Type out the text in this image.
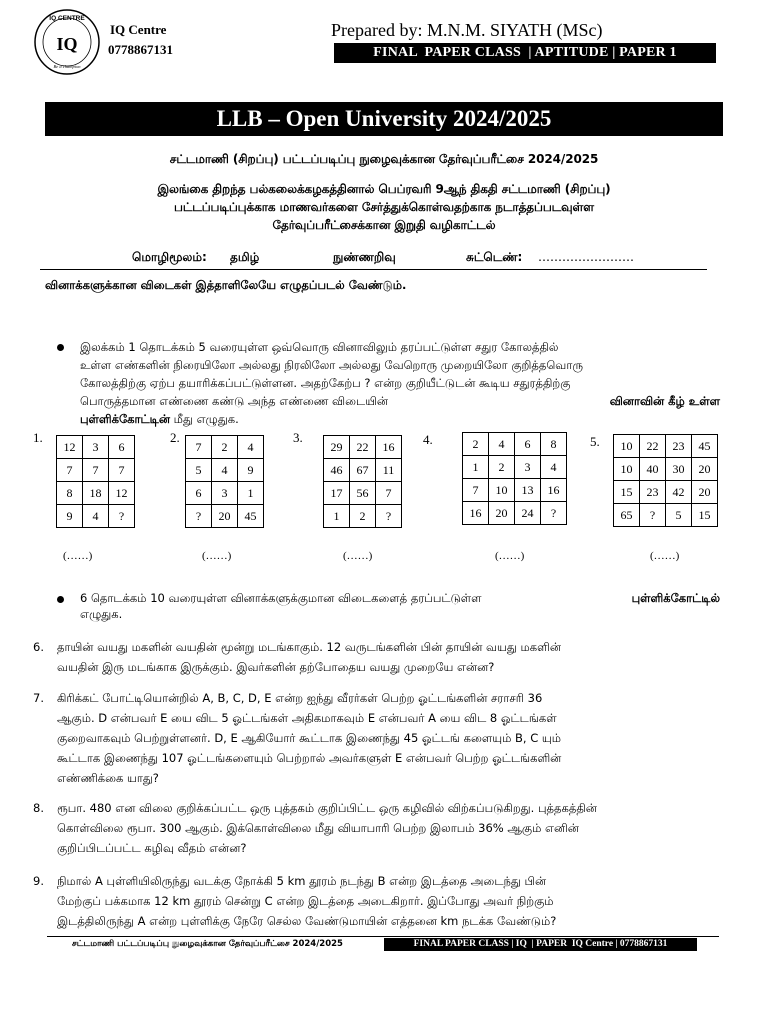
IQ CENTRE
IQ
Be a champion
IQ Centre
0778867131
Prepared by: M.N.M. SIYATH (MSc)
FINAL  PAPER CLASS  | APTITUDE | PAPER 1
LLB – Open University 2024/2025
சட்டமாணி (சிறப்பு) பட்டப்படிப்பு நுழைவுக்கான தேர்வுப்பரீட்சை 2024/2025
இலங்கை திறந்த பல்கலைக்கழகத்தினால் பெப்ரவரி 9ஆந் திகதி சட்டமாணி (சிறப்பு)
பட்டப்படிப்புக்காக மாணவர்களை சேர்த்துக்கொள்வதற்காக நடாத்தப்படவுள்ள
தேர்வுப்பரீட்சைக்கான இறுதி வழிகாட்டல்
மொழிமூலம்: தமிழ்	நுண்ணறிவு	சுட்டெண்: ……………………
வினாக்களுக்கான விடைகள் இத்தாளிலேயே எழுதப்படல் வேண்டும்.
இலக்கம் 1 தொடக்கம் 5 வரையுள்ள ஒவ்வொரு வினாவிலும் தரப்பட்டுள்ள சதுர கோலத்தில்
உள்ள எண்களின் நிரையிலோ அல்லது நிரலிலோ அல்லது வேறொரு முறையிலோ குறித்தவொரு
கோலத்திற்கு ஏற்ப தயாரிக்கப்பட்டுள்ளன. அதற்கேற்ப ? என்ற குறியீட்டுடன் கூடிய சதுரத்திற்கு
பொருத்தமான எண்ணை கண்டு அந்த எண்ணை விடையின்	வினாவின் கீழ் உள்ள
புள்ளிக்கோட்டின் மீது எழுதுக.
1.
12	3	6
7	7	7
8	18	12
9	4	?
(……)
2.
7	2	4
5	4	9
6	3	1
?	20	45
(……)
3.
29	22	16
46	67	11
17	56	7
1	2	?
(……)
4.	2	4	6	8
1	2	3	4
7	10	13	16
16	20	24	?
(……)
5. 10	22	23	45
10	40	30	20
15	23	42	20
65	?	5	15
(……)
6 தொடக்கம் 10 வரையுள்ள வினாக்களுக்குமான விடைகளைத் தரப்பட்டுள்ள	புள்ளிக்கோட்டில்
எழுதுக.
6. தாயின் வயது மகளின் வயதின் மூன்று மடங்காகும். 12 வருடங்களின் பின் தாயின் வயது மகளின்
வயதின் இரு மடங்காக இருக்கும். இவர்களின் தற்போதைய வயது முறையே என்ன?
7. கிரிக்கட் போட்டியொன்றில் A, B, C, D, E என்ற ஐந்து வீரர்கள் பெற்ற ஓட்டங்களின் சராசரி 36
ஆகும். D என்பவர் E யை விட 5 ஓட்டங்கள் அதிகமாகவும் E என்பவர் A யை விட 8 ஓட்டங்கள்
குறைவாகவும் பெற்றுள்ளனர். D, E ஆகியோர் கூட்டாக இணைந்து 45 ஓட்டங் களையும் B, C யும்
கூட்டாக இணைந்து 107 ஓட்டங்களையும் பெற்றால் அவர்களுள் E என்பவர் பெற்ற ஓட்டங்களின்
எண்ணிக்கை யாது?
8. ரூபா. 480 என விலை குறிக்கப்பட்ட ஒரு புத்தகம் குறிப்பிட்ட ஒரு கழிவில் விற்கப்படுகிறது. புத்தகத்தின்
கொள்விலை ரூபா. 300 ஆகும். இக்கொள்விலை மீது வியாபாரி பெற்ற இலாபம் 36% ஆகும் எனின்
குறிப்பிடப்பட்ட கழிவு வீதம் என்ன?
9. நிமால் A புள்ளியிலிருந்து வடக்கு நோக்கி 5 km தூரம் நடந்து B என்ற இடத்தை அடைந்து பின்
மேற்குப் பக்கமாக 12 km தூரம் சென்று C என்ற இடத்தை அடைகிறார். இப்போது அவர் நிற்கும்
இடத்திலிருந்து A என்ற புள்ளிக்கு நேரே செல்ல வேண்டுமாயின் எத்தனை km நடக்க வேண்டும்?
சட்டமாணி பட்டப்படிப்பு நுழைவுக்கான தேர்வுப்பரீட்சை 2024/2025	FINAL PAPER CLASS | IQ  | PAPER  IQ Centre | 0778867131
